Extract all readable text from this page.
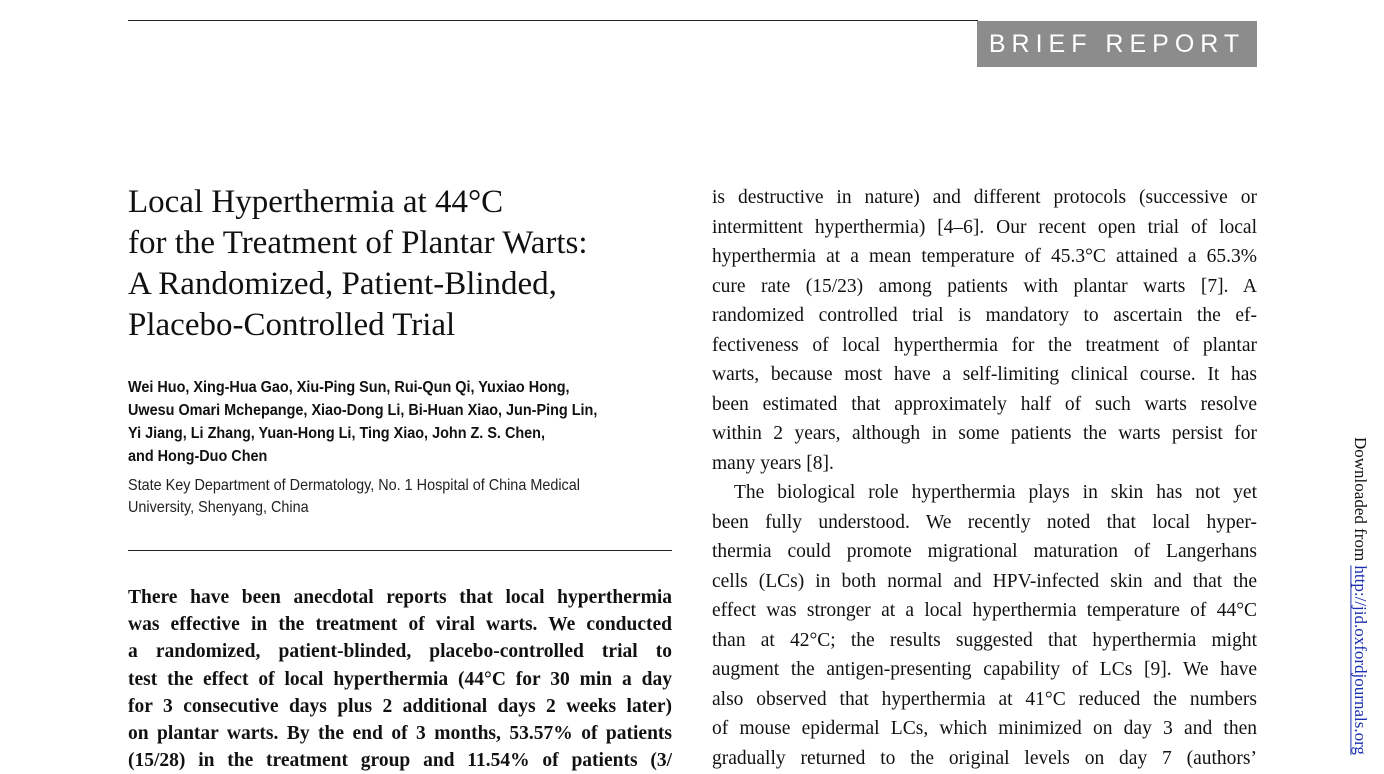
BRIEF REPORT
Local Hyperthermia at 44°C
for the Treatment of Plantar Warts:
A Randomized, Patient-Blinded,
Placebo-Controlled Trial
Wei Huo, Xing-Hua Gao, Xiu-Ping Sun, Rui-Qun Qi, Yuxiao Hong,
Uwesu Omari Mchepange, Xiao-Dong Li, Bi-Huan Xiao, Jun-Ping Lin,
Yi Jiang, Li Zhang, Yuan-Hong Li, Ting Xiao, John Z. S. Chen,
and Hong-Duo Chen
State Key Department of Dermatology, No. 1 Hospital of China Medical
University, Shenyang, China
There have been anecdotal reports that local hyperthermia
was effective in the treatment of viral warts. We conducted
a randomized, patient-blinded, placebo-controlled trial to
test the effect of local hyperthermia (44°C for 30 min a day
for 3 consecutive days plus 2 additional days 2 weeks later)
on plantar warts. By the end of 3 months, 53.57% of patients
(15/28) in the treatment group and 11.54% of patients (3/
is destructive in nature) and different protocols (successive or
intermittent hyperthermia) [4–6]. Our recent open trial of local
hyperthermia at a mean temperature of 45.3°C attained a 65.3%
cure rate (15/23) among patients with plantar warts [7]. A
randomized controlled trial is mandatory to ascertain the ef-
fectiveness of local hyperthermia for the treatment of plantar
warts, because most have a self-limiting clinical course. It has
been estimated that approximately half of such warts resolve
within 2 years, although in some patients the warts persist for
many years [8].
The biological role hyperthermia plays in skin has not yet
been fully understood. We recently noted that local hyper-
thermia could promote migrational maturation of Langerhans
cells (LCs) in both normal and HPV-infected skin and that the
effect was stronger at a local hyperthermia temperature of 44°C
than at 42°C; the results suggested that hyperthermia might
augment the antigen-presenting capability of LCs [9]. We have
also observed that hyperthermia at 41°C reduced the numbers
of mouse epidermal LCs, which minimized on day 3 and then
gradually returned to the original levels on day 7 (authors’
Downloaded from http://jid.oxfordjournals.org
